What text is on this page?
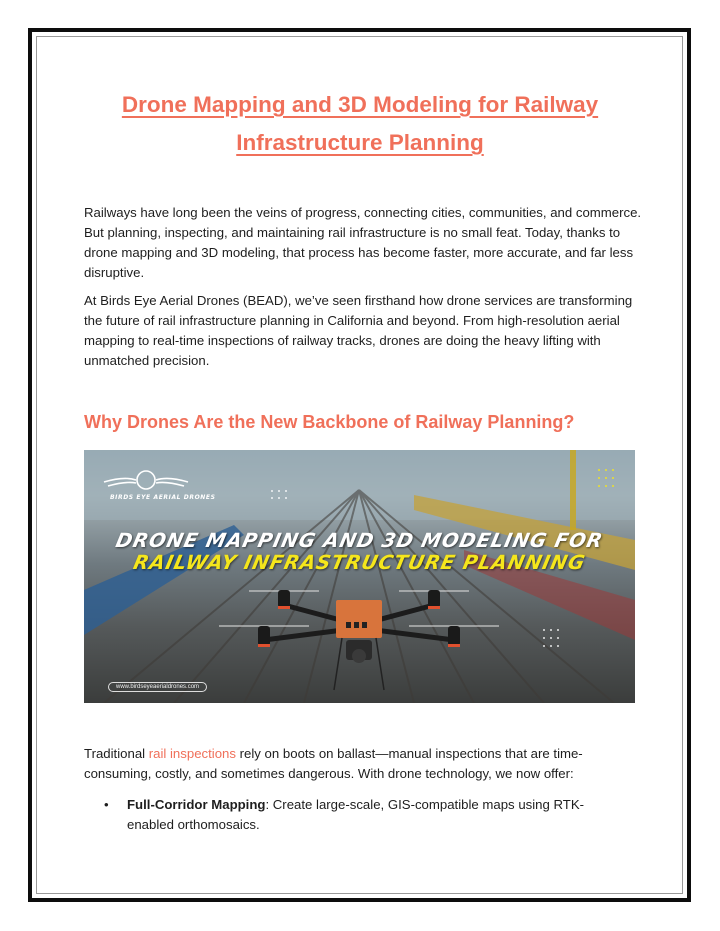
Drone Mapping and 3D Modeling for Railway Infrastructure Planning
Railways have long been the veins of progress, connecting cities, communities, and commerce. But planning, inspecting, and maintaining rail infrastructure is no small feat. Today, thanks to drone mapping and 3D modeling, that process has become faster, more accurate, and far less disruptive.
At Birds Eye Aerial Drones (BEAD), we’ve seen firsthand how drone services are transforming the future of rail infrastructure planning in California and beyond. From high-resolution aerial mapping to real-time inspections of railway tracks, drones are doing the heavy lifting with unmatched precision.
Why Drones Are the New Backbone of Railway Planning?
BIRDS EYE AERIAL DRONES
DRONE MAPPING AND 3D MODELING FOR
RAILWAY INFRASTRUCTURE PLANNING
www.birdseyeaerialdrones.com
Traditional rail inspections rely on boots on ballast—manual inspections that are time-consuming, costly, and sometimes dangerous. With drone technology, we now offer:
• Full-Corridor Mapping: Create large-scale, GIS-compatible maps using RTK-enabled orthomosaics.
